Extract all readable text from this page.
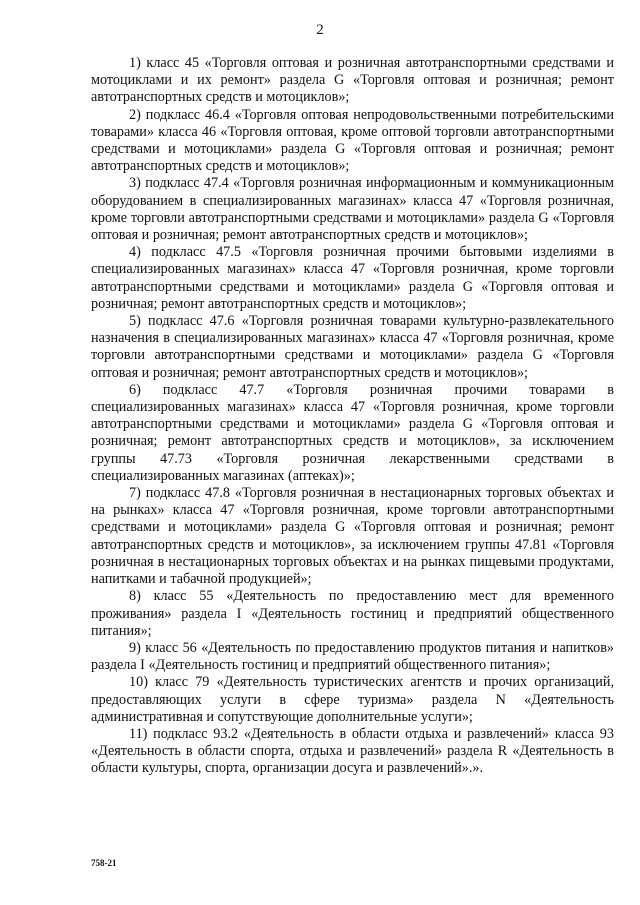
2

1) класс 45 «Торговля оптовая и розничная автотранспортными средствами и мотоциклами и их ремонт» раздела G «Торговля оптовая и розничная; ремонт автотранспортных средств и мотоциклов»;

2) подкласс 46.4 «Торговля оптовая непродовольственными потребительскими товарами» класса 46 «Торговля оптовая, кроме оптовой торговли автотранспортными средствами и мотоциклами» раздела G «Торговля оптовая и розничная; ремонт автотранспортных средств и мотоциклов»;

3) подкласс 47.4 «Торговля розничная информационным и коммуникационным оборудованием в специализированных магазинах» класса 47 «Торговля розничная, кроме торговли автотранспортными средствами и мотоциклами» раздела G «Торговля оптовая и розничная; ремонт автотранспортных средств и мотоциклов»;

4) подкласс 47.5 «Торговля розничная прочими бытовыми изделиями в специализированных магазинах» класса 47 «Торговля розничная, кроме торговли автотранспортными средствами и мотоциклами» раздела G «Торговля оптовая и розничная; ремонт автотранспортных средств и мотоциклов»;

5) подкласс 47.6 «Торговля розничная товарами культурно-развлекательного назначения в специализированных магазинах» класса 47 «Торговля розничная, кроме торговли автотранспортными средствами и мотоциклами» раздела G «Торговля оптовая и розничная; ремонт автотранспортных средств и мотоциклов»;

6) подкласс 47.7 «Торговля розничная прочими товарами в специализированных магазинах» класса 47 «Торговля розничная, кроме торговли автотранспортными средствами и мотоциклами» раздела G «Торговля оптовая и розничная; ремонт автотранспортных средств и мотоциклов», за исключением группы 47.73 «Торговля розничная лекарственными средствами в специализированных магазинах (аптеках)»;

7) подкласс 47.8 «Торговля розничная в нестационарных торговых объектах и на рынках» класса 47 «Торговля розничная, кроме торговли автотранспортными средствами и мотоциклами» раздела G «Торговля оптовая и розничная; ремонт автотранспортных средств и мотоциклов», за исключением группы 47.81 «Торговля розничная в нестационарных торговых объектах и на рынках пищевыми продуктами, напитками и табачной продукцией»;

8) класс 55 «Деятельность по предоставлению мест для временного проживания» раздела I «Деятельность гостиниц и предприятий общественного питания»;

9) класс 56 «Деятельность по предоставлению продуктов питания и напитков» раздела I «Деятельность гостиниц и предприятий общественного питания»;

10) класс 79 «Деятельность туристических агентств и прочих организаций, предоставляющих услуги в сфере туризма» раздела N «Деятельность административная и сопутствующие дополнительные услуги»;

11) подкласс 93.2 «Деятельность в области отдыха и развлечений» класса 93 «Деятельность в области спорта, отдыха и развлечений» раздела R «Деятельность в области культуры, спорта, организации досуга и развлечений».».

758-21
